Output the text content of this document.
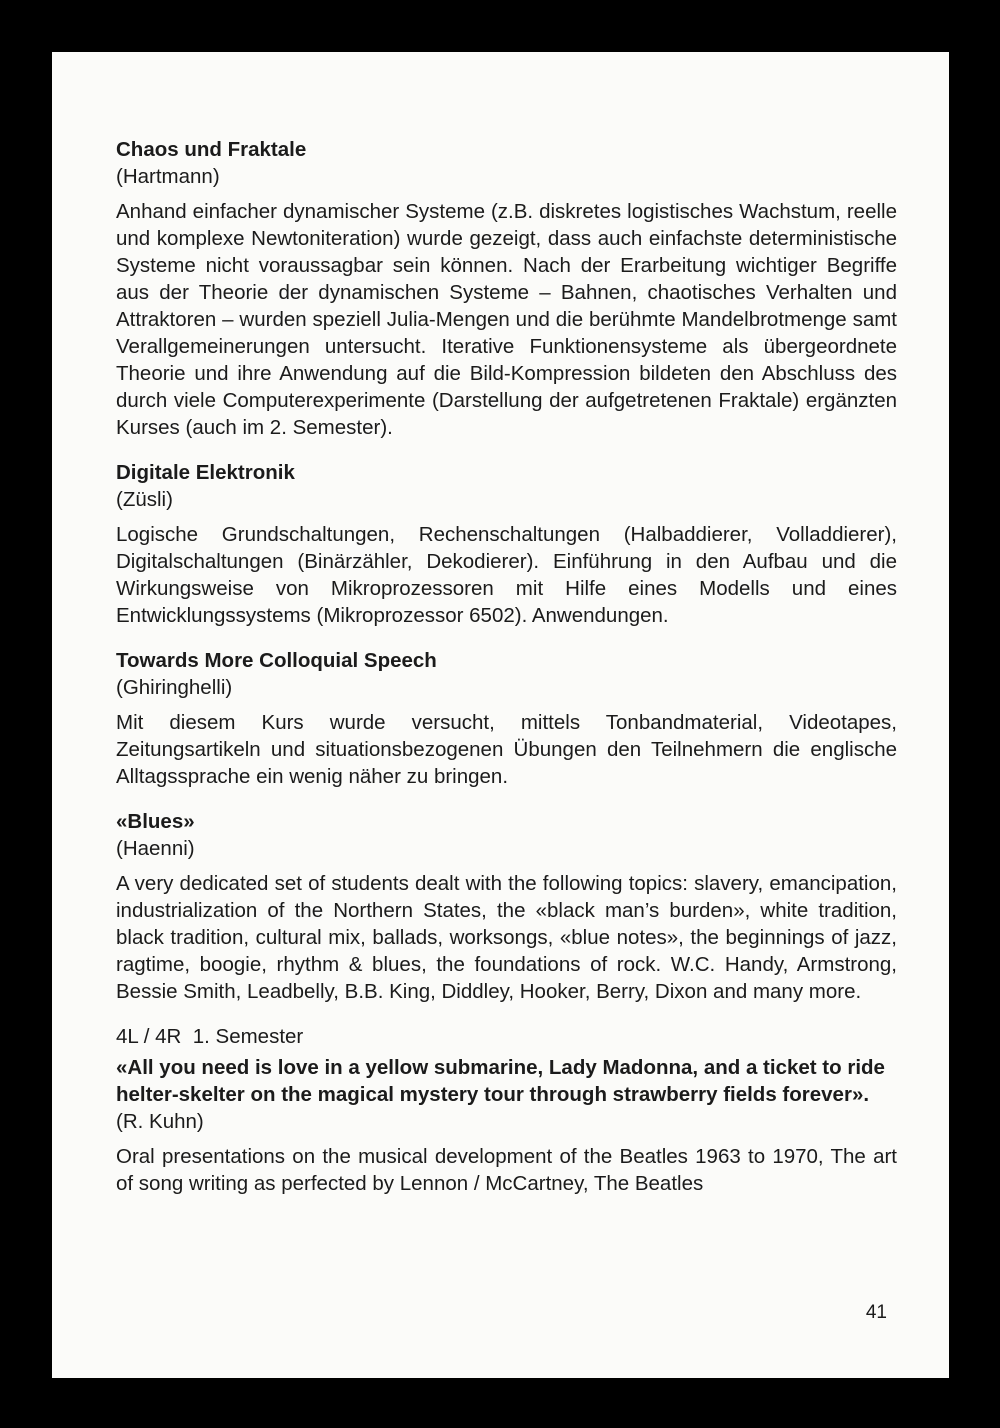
Chaos und Fraktale

(Hartmann)

Anhand einfacher dynamischer Systeme (z.B. diskretes logistisches Wachstum, reelle und komplexe Newtoniteration) wurde gezeigt, dass auch einfachste deterministische Systeme nicht voraussagbar sein können. Nach der Erarbeitung wichtiger Begriffe aus der Theorie der dynamischen Systeme – Bahnen, chaotisches Verhalten und Attraktoren – wurden speziell Julia-Mengen und die berühmte Mandelbrotmenge samt Verallgemeinerungen untersucht. Iterative Funktionensysteme als übergeordnete Theorie und ihre Anwendung auf die Bild-Kompression bildeten den Abschluss des durch viele Computerexperimente (Darstellung der aufgetretenen Fraktale) ergänzten Kurses (auch im 2. Semester).

Digitale Elektronik

(Züsli)

Logische Grundschaltungen, Rechenschaltungen (Halbaddierer, Volladdierer), Digitalschaltungen (Binärzähler, Dekodierer). Einführung in den Aufbau und die Wirkungsweise von Mikroprozessoren mit Hilfe eines Modells und eines Entwicklungssystems (Mikroprozessor 6502). Anwendungen.

Towards More Colloquial Speech

(Ghiringhelli)

Mit diesem Kurs wurde versucht, mittels Tonbandmaterial, Videotapes, Zeitungsartikeln und situationsbezogenen Übungen den Teilnehmern die englische Alltagssprache ein wenig näher zu bringen.

«Blues»

(Haenni)

A very dedicated set of students dealt with the following topics: slavery, emancipation, industrialization of the Northern States, the «black man’s burden», white tradition, black tradition, cultural mix, ballads, worksongs, «blue notes», the beginnings of jazz, ragtime, boogie, rhythm & blues, the foundations of rock. W.C. Handy, Armstrong, Bessie Smith, Leadbelly, B.B. King, Diddley, Hooker, Berry, Dixon and many more.

4L / 4R  1. Semester

«All you need is love in a yellow submarine, Lady Madonna, and a ticket to ride helter-skelter on the magical mystery tour through strawberry fields forever».

(R. Kuhn)

Oral presentations on the musical development of the Beatles 1963 to 1970, The art of song writing as perfected by Lennon / McCartney, The Beatles

41
